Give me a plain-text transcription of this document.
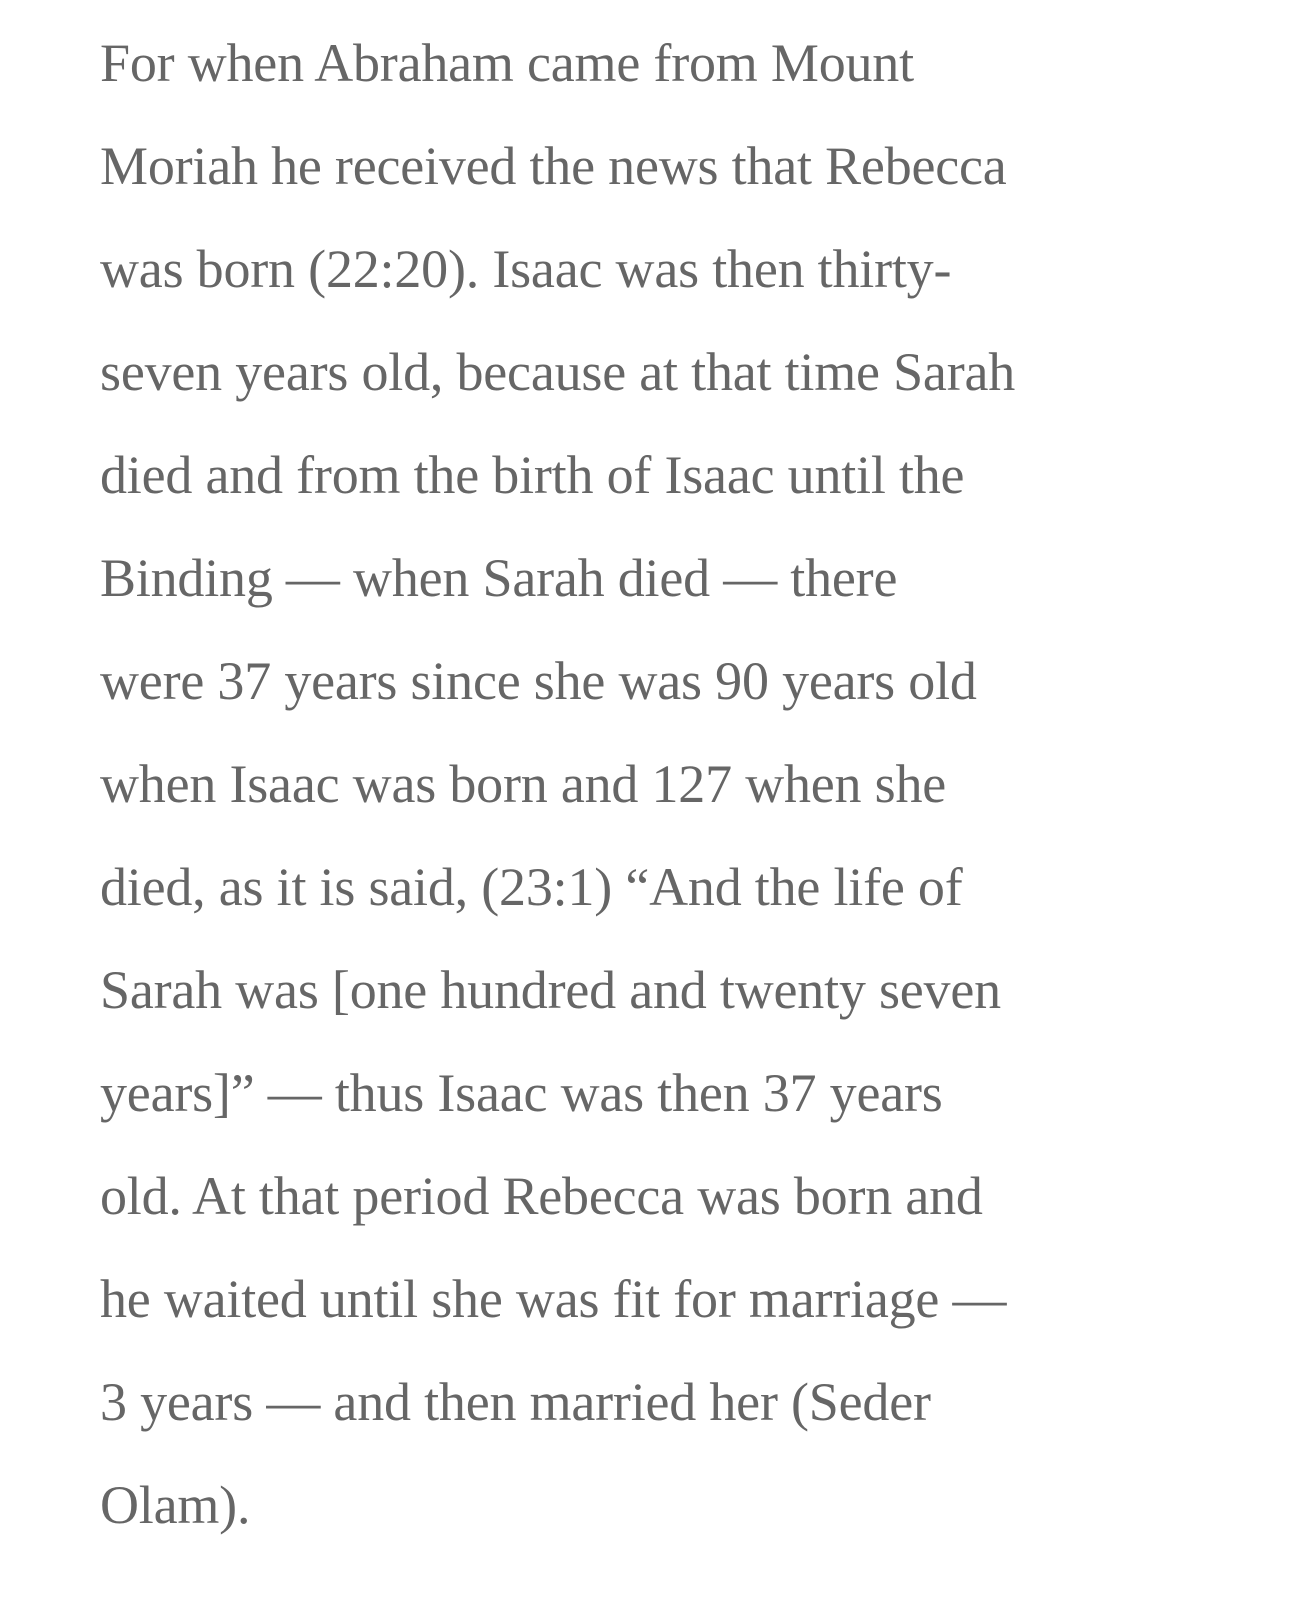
For when Abraham came from Mount
Moriah he received the news that Rebecca
was born (22:20). Isaac was then thirty-
seven years old, because at that time Sarah
died and from the birth of Isaac until the
Binding — when Sarah died — there
were 37 years since she was 90 years old
when Isaac was born and 127 when she
died, as it is said, (23:1) “And the life of
Sarah was [one hundred and twenty seven
years]” — thus Isaac was then 37 years
old. At that period Rebecca was born and
he waited until she was fit for marriage —
3 years — and then married her (Seder
Olam).
